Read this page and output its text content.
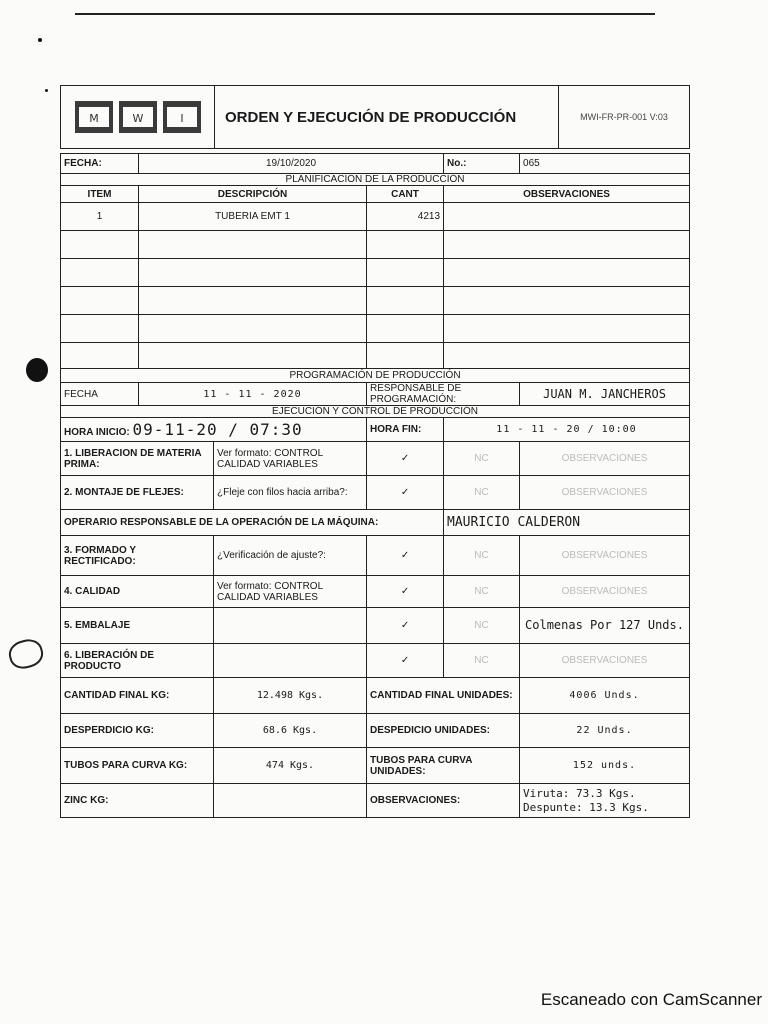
M	W	I	ORDEN Y EJECUCIÓN DE PRODUCCIÓN	MWI-FR-PR-001 V:03
FECHA:	19/10/2020			No.:	065
PLANIFICACIÓN DE LA PRODUCCIÓN					
ITEM	DESCRIPCIÓN		CANT	OBSERVACIONES	
1	TUBERIA EMT 1		4213		

PROGRAMACIÓN DE PRODUCCIÓN					
FECHA	11 - 11 - 2020		RESPONSABLE DE PROGRAMACIÓN:		JUAN M. JANCHEROS
EJECUCIÓN Y CONTROL DE PRODUCCIÓN					
HORA INICIO: 09-11-20 / 07:30			HORA FIN:	11 - 11 - 20 / 10:00	
1. LIBERACION DE MATERIA PRIMA:		Ver formato: CONTROL CALIDAD VARIABLES	✓	NC	OBSERVACIONES
2. MONTAJE DE FLEJES:		¿Fleje con filos hacia arriba?:	✓	NC	OBSERVACIONES
OPERARIO RESPONSABLE DE LA OPERACIÓN DE LA MÁQUINA:				MAURICIO CALDERON	
3. FORMADO Y RECTIFICADO:		¿Verificación de ajuste?:	✓	NC	OBSERVACIONES
4. CALIDAD		Ver formato: CONTROL CALIDAD VARIABLES	✓	NC	OBSERVACIONES
5. EMBALAJE			✓	NC	Colmenas Por 127 Unds.
6. LIBERACIÓN DE PRODUCTO			✓	NC	OBSERVACIONES
CANTIDAD FINAL KG:		12.498 Kgs.	CANTIDAD FINAL UNIDADES:		4006 Unds.
DESPERDICIO KG:		68.6 Kgs.	DESPEDICIO UNIDADES:		22 Unds.
TUBOS PARA CURVA KG:		474 Kgs.	TUBOS PARA CURVA UNIDADES:		152 unds.
ZINC KG:			OBSERVACIONES:		Viruta: 73.3 Kgs.
Despunte: 13.3 Kgs.
Escaneado con CamScanner
